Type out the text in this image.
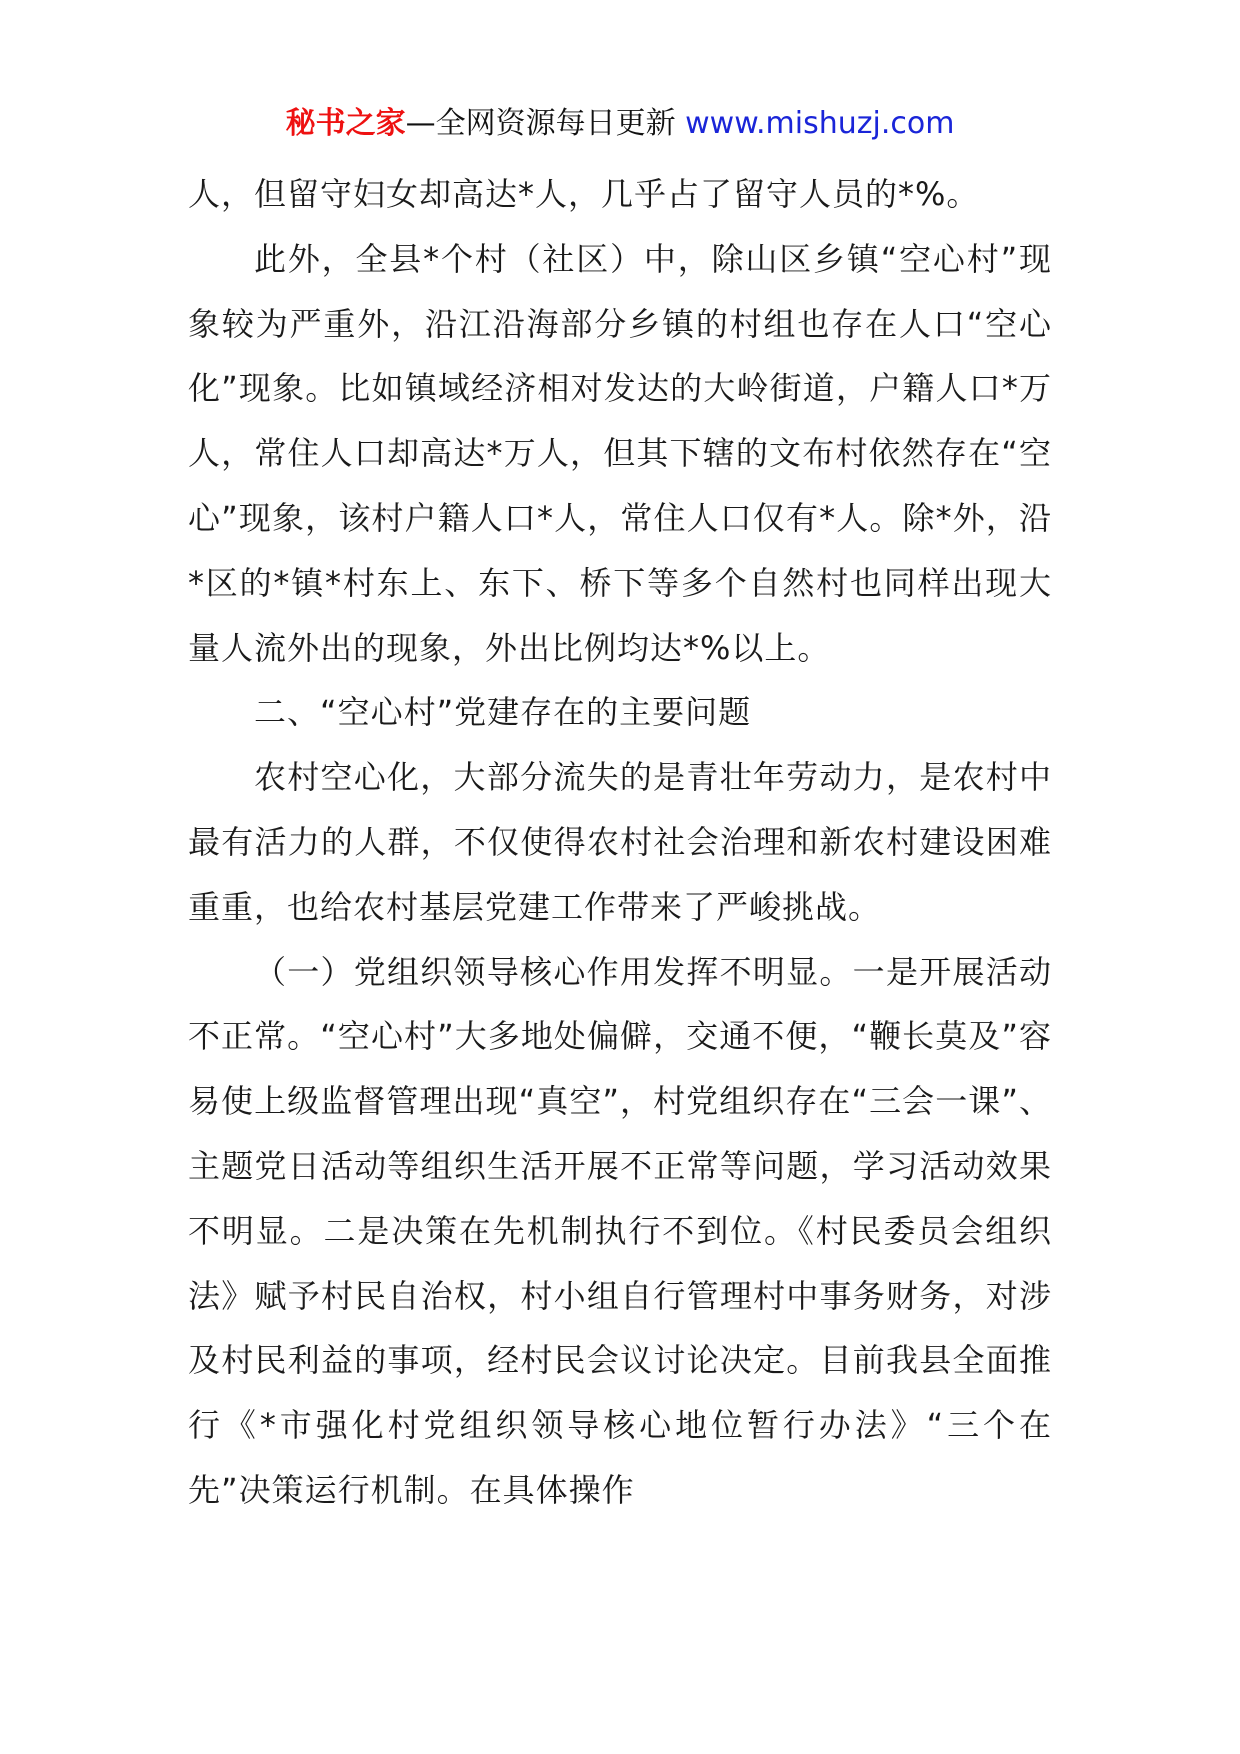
秘书之家—全网资源每日更新 www.mishuzj.com

人，但留守妇女却高达*人，几乎占了留守人员的*%。

此外，全县*个村（社区）中，除山区乡镇“空心村”现象较为严重外，沿江沿海部分乡镇的村组也存在人口“空心化”现象。比如镇域经济相对发达的大岭街道，户籍人口*万人，常住人口却高达*万人，但其下辖的文布村依然存在“空心”现象，该村户籍人口*人，常住人口仅有*人。除*外，沿*区的*镇*村东上、东下、桥下等多个自然村也同样出现大量人流外出的现象，外出比例均达*%以上。

二、“空心村”党建存在的主要问题

农村空心化，大部分流失的是青壮年劳动力，是农村中最有活力的人群，不仅使得农村社会治理和新农村建设困难重重，也给农村基层党建工作带来了严峻挑战。

（一）党组织领导核心作用发挥不明显。一是开展活动不正常。“空心村”大多地处偏僻，交通不便，“鞭长莫及”容易使上级监督管理出现“真空”，村党组织存在“三会一课”、主题党日活动等组织生活开展不正常等问题，学习活动效果不明显。二是决策在先机制执行不到位。《村民委员会组织法》赋予村民自治权，村小组自行管理村中事务财务，对涉及村民利益的事项，经村民会议讨论决定。目前我县全面推行《*市强化村党组织领导核心地位暂行办法》“三个在先”决策运行机制。在具体操作
